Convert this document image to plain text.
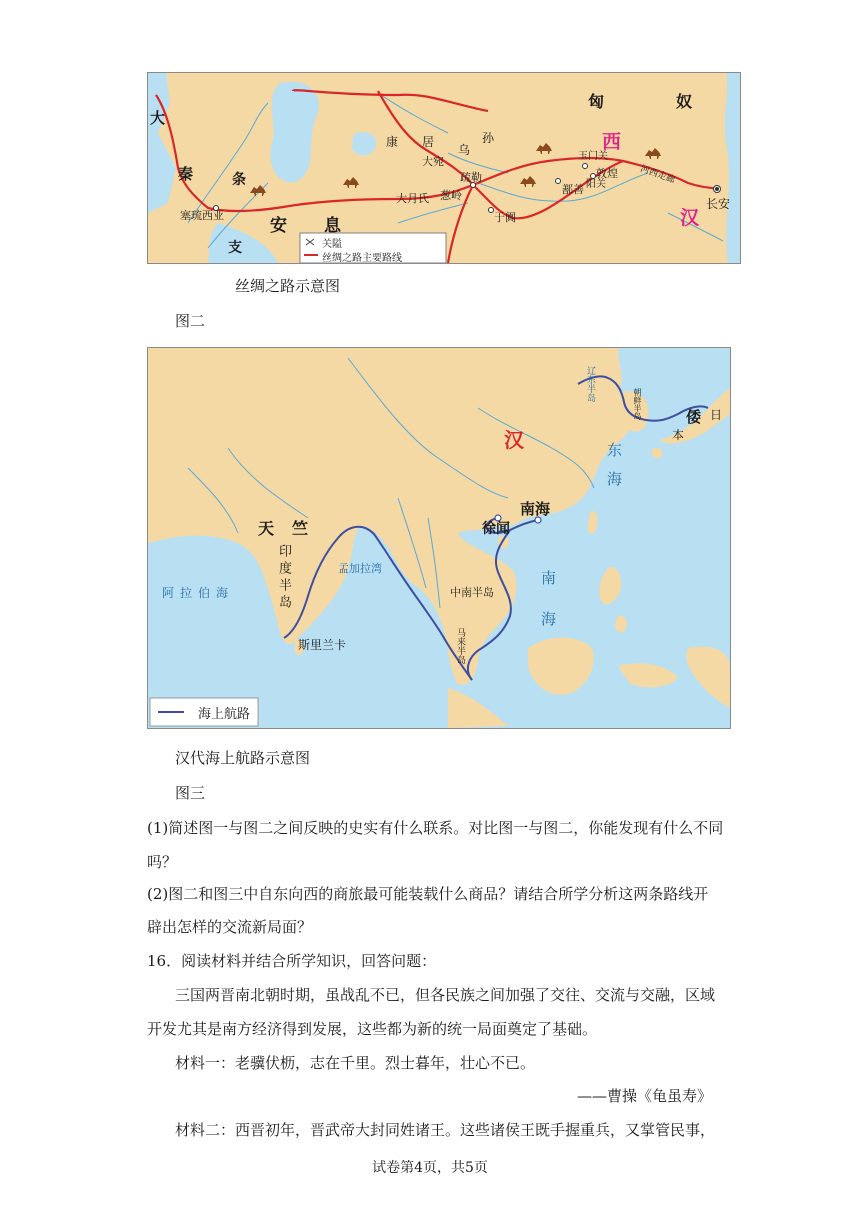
大
秦	条
塞琉西亚
支
安 息
康 居
大宛
乌
孙
疏勒
葱岭
大月氏
于阗
鄯善
玉门关
敦煌
阳关	河西走廊
匈	奴
西
汉
长安
关隘
丝绸之路主要路线
丝绸之路示意图
图二
汉
辽东半岛
朝鲜半岛	倭 日
本
东海
南海
徐闻
天竺
印度半岛	孟加拉湾
阿拉伯海
斯里兰卡
中南半岛
马来半岛	南海
海上航路
汉代海上航路示意图
图三
(1)简述图一与图二之间反映的史实有什么联系。对比图一与图二，你能发现有什么不同
吗？
(2)图二和图三中自东向西的商旅最可能装载什么商品？请结合所学分析这两条路线开
辟出怎样的交流新局面？
16．阅读材料并结合所学知识，回答问题：
三国两晋南北朝时期，虽战乱不已，但各民族之间加强了交往、交流与交融，区域
开发尤其是南方经济得到发展，这些都为新的统一局面奠定了基础。
材料一：老骥伏枥，志在千里。烈士暮年，壮心不已。
——曹操《龟虽寿》
材料二：西晋初年，晋武帝大封同姓诸王。这些诸侯王既手握重兵，又掌管民事，
试卷第4页，共5页
